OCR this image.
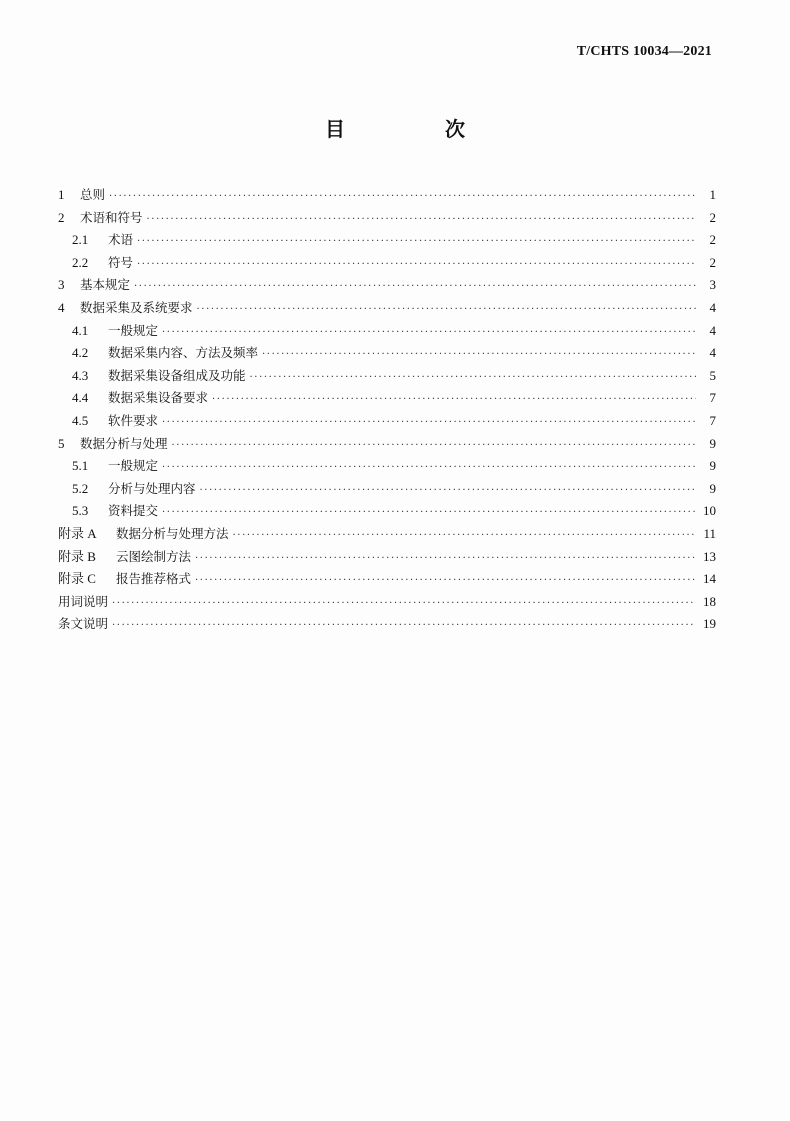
T/CHTS 10034—2021
目　次
1	总则 ·····	1
2	术语和符号 ·····	2
2.1	术语 ·····	2
2.2	符号 ·····	2
3	基本规定 ·····	3
4	数据采集及系统要求 ·····	4
4.1	一般规定 ·····	4
4.2	数据采集内容、方法及频率 ·····	4
4.3	数据采集设备组成及功能 ·····	5
4.4	数据采集设备要求 ·····	7
4.5	软件要求 ·····	7
5	数据分析与处理 ·····	9
5.1	一般规定 ·····	9
5.2	分析与处理内容 ·····	9
5.3	资料提交 ·····	10
附录 A	数据分析与处理方法 ·····	11
附录 B	云图绘制方法 ·····	13
附录 C	报告推荐格式 ·····	14
用词说明 ·····	18
条文说明 ·····	19
